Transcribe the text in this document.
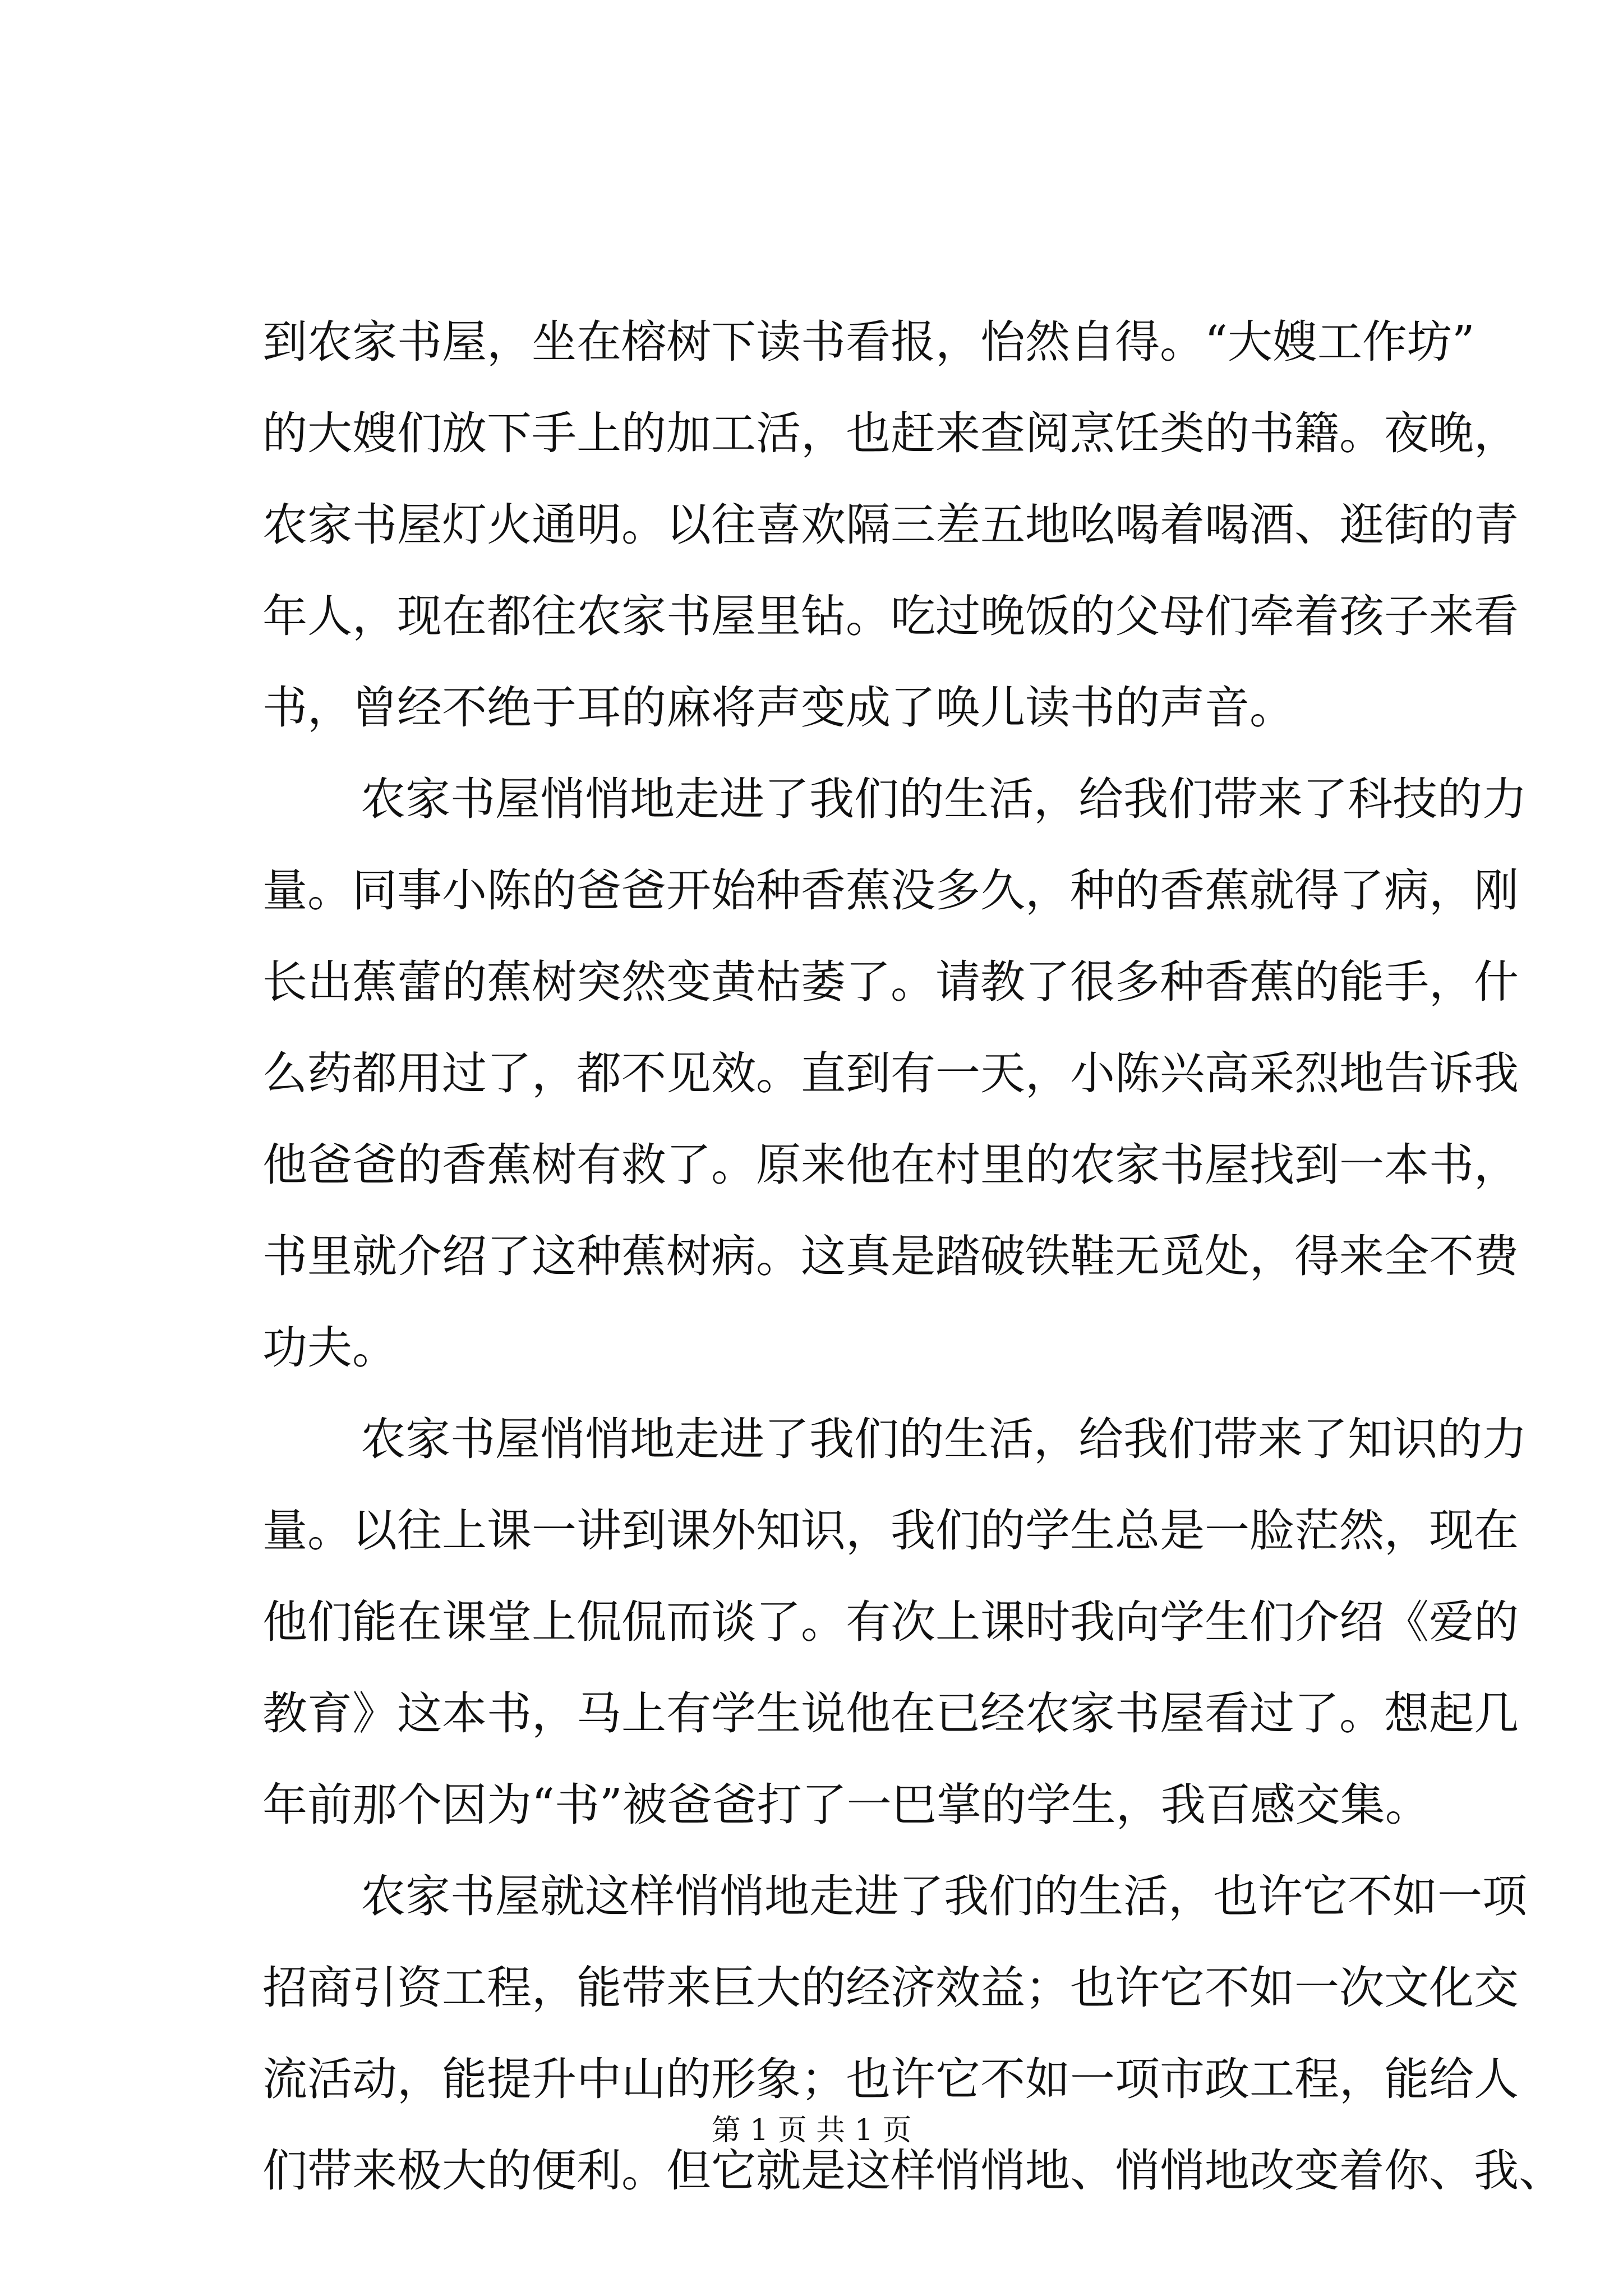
到农家书屋，坐在榕树下读书看报，怡然自得。“大嫂工作坊”
的大嫂们放下手上的加工活，也赶来查阅烹饪类的书籍。夜晚，
农家书屋灯火通明。以往喜欢隔三差五地吆喝着喝酒、逛街的青
年人，现在都往农家书屋里钻。吃过晚饭的父母们牵着孩子来看
书，曾经不绝于耳的麻将声变成了唤儿读书的声音。
农家书屋悄悄地走进了我们的生活，给我们带来了科技的力
量。同事小陈的爸爸开始种香蕉没多久，种的香蕉就得了病，刚
长出蕉蕾的蕉树突然变黄枯萎了。请教了很多种香蕉的能手，什
么药都用过了，都不见效。直到有一天，小陈兴高采烈地告诉我
他爸爸的香蕉树有救了。原来他在村里的农家书屋找到一本书，
书里就介绍了这种蕉树病。这真是踏破铁鞋无觅处，得来全不费
功夫。
农家书屋悄悄地走进了我们的生活，给我们带来了知识的力
量。以往上课一讲到课外知识，我们的学生总是一脸茫然，现在
他们能在课堂上侃侃而谈了。有次上课时我向学生们介绍《爱的
教育》这本书，马上有学生说他在已经农家书屋看过了。想起几
年前那个因为“书”被爸爸打了一巴掌的学生，我百感交集。
农家书屋就这样悄悄地走进了我们的生活，也许它不如一项
招商引资工程，能带来巨大的经济效益；也许它不如一次文化交
流活动，能提升中山的形象；也许它不如一项市政工程，能给人
们带来极大的便利。但它就是这样悄悄地、悄悄地改变着你、我、
第 1 页 共 1 页
